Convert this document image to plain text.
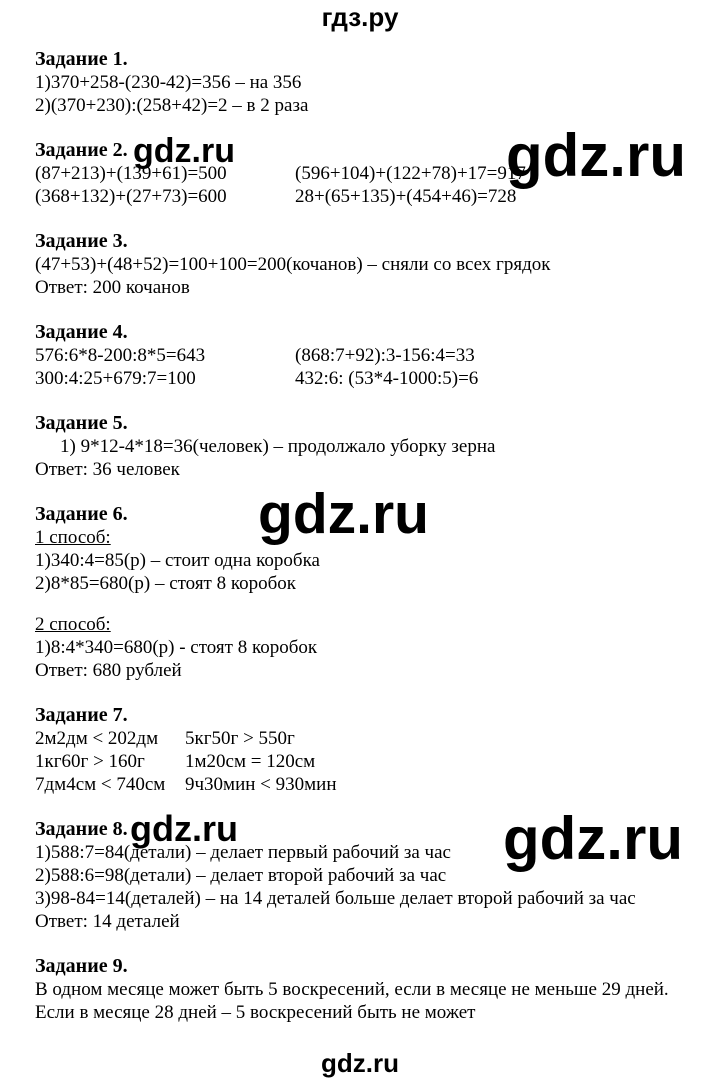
гдз.ру
gdz.ru	gdz.ru
gdz.ru
gdz.ru	gdz.ru
Задание 1.
1)370+258-(230-42)=356 – на 356
2)(370+230):(258+42)=2 – в 2 раза
Задание 2.
(87+213)+(139+61)=500	(596+104)+(122+78)+17=917
(368+132)+(27+73)=600	28+(65+135)+(454+46)=728
Задание 3.
(47+53)+(48+52)=100+100=200(кочанов) – сняли со всех грядок
Ответ: 200 кочанов
Задание 4.
576:6*8-200:8*5=643	(868:7+92):3-156:4=33
300:4:25+679:7=100	432:6: (53*4-1000:5)=6
Задание 5.
1) 9*12-4*18=36(человек) – продолжало уборку зерна
Ответ: 36 человек
Задание 6.
1 способ:
1)340:4=85(р) – стоит одна коробка
2)8*85=680(р) – стоят 8 коробок
2 способ:
1)8:4*340=680(р) - стоят 8 коробок
Ответ: 680 рублей
Задание 7.
2м2дм < 202дм	5кг50г > 550г
1кг60г > 160г	1м20см = 120см
7дм4см < 740см	9ч30мин < 930мин
Задание 8.
1)588:7=84(детали) – делает первый рабочий за час
2)588:6=98(детали) – делает второй рабочий за час
3)98-84=14(деталей) – на 14 деталей больше делает второй рабочий за час
Ответ: 14 деталей
Задание 9.
В одном месяце может быть 5 воскресений, если в месяце не меньше 29 дней.
Если в месяце 28 дней – 5 воскресений быть не может
gdz.ru
